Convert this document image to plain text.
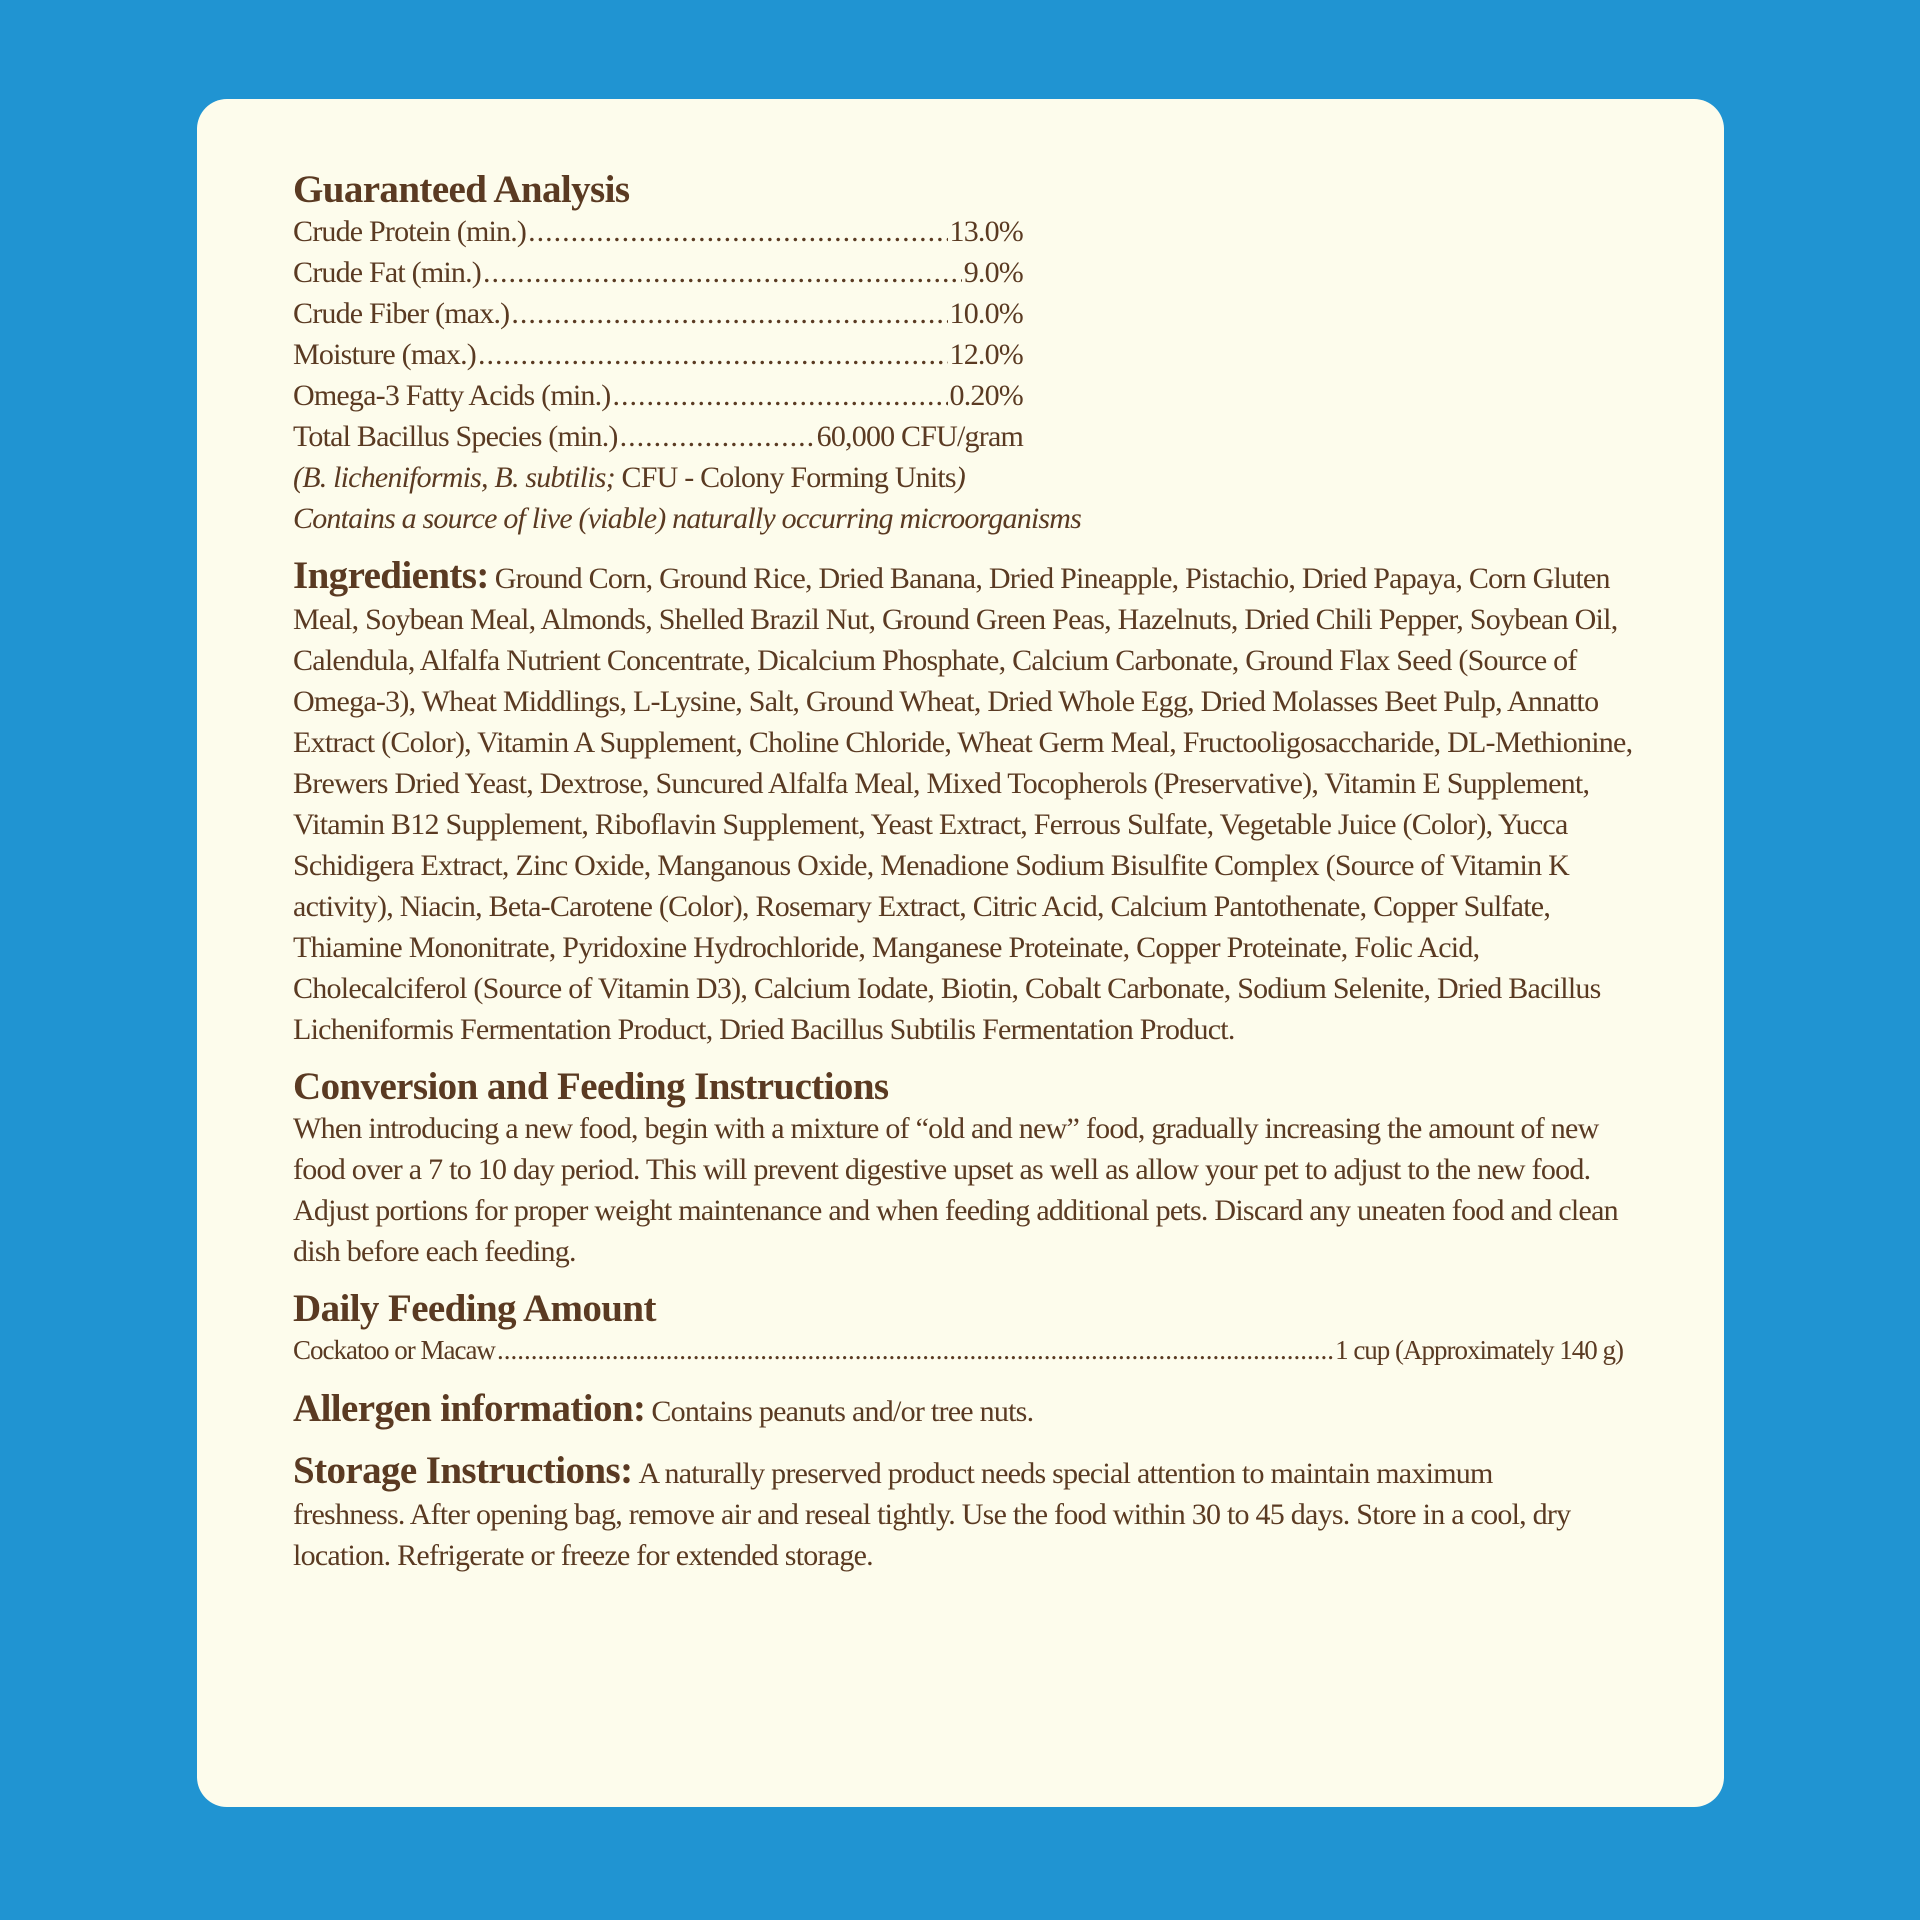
Guaranteed Analysis
Crude Protein (min.) .....	13.0%
Crude Fat (min.) .....	9.0%
Crude Fiber (max.) .....	10.0%
Moisture (max.) .....	12.0%
Omega-3 Fatty Acids (min.) .....	0.20%
Total Bacillus Species (min.) .....	60,000 CFU/gram
(B. licheniformis, B. subtilis; CFU - Colony Forming Units)
Contains a source of live (viable) naturally occurring microorganisms
Ingredients: Ground Corn, Ground Rice, Dried Banana, Dried Pineapple, Pistachio, Dried Papaya, Corn Gluten Meal, Soybean Meal, Almonds, Shelled Brazil Nut, Ground Green Peas, Hazelnuts, Dried Chili Pepper, Soybean Oil, Calendula, Alfalfa Nutrient Concentrate, Dicalcium Phosphate, Calcium Carbonate, Ground Flax Seed (Source of Omega-3), Wheat Middlings, L-Lysine, Salt, Ground Wheat, Dried Whole Egg, Dried Molasses Beet Pulp, Annatto Extract (Color), Vitamin A Supplement, Choline Chloride, Wheat Germ Meal, Fructooligosaccharide, DL-Methionine, Brewers Dried Yeast, Dextrose, Suncured Alfalfa Meal, Mixed Tocopherols (Preservative), Vitamin E Supplement, Vitamin B12 Supplement, Riboflavin Supplement, Yeast Extract, Ferrous Sulfate, Vegetable Juice (Color), Yucca Schidigera Extract, Zinc Oxide, Manganous Oxide, Menadione Sodium Bisulfite Complex (Source of Vitamin K activity), Niacin, Beta-Carotene (Color), Rosemary Extract, Citric Acid, Calcium Pantothenate, Copper Sulfate, Thiamine Mononitrate, Pyridoxine Hydrochloride, Manganese Proteinate, Copper Proteinate, Folic Acid, Cholecalciferol (Source of Vitamin D3), Calcium Iodate, Biotin, Cobalt Carbonate, Sodium Selenite, Dried Bacillus Licheniformis Fermentation Product, Dried Bacillus Subtilis Fermentation Product.
Conversion and Feeding Instructions
When introducing a new food, begin with a mixture of “old and new” food, gradually increasing the amount of new food over a 7 to 10 day period. This will prevent digestive upset as well as allow your pet to adjust to the new food. Adjust portions for proper weight maintenance and when feeding additional pets. Discard any uneaten food and clean dish before each feeding.
Daily Feeding Amount
Cockatoo or Macaw .....	1 cup (Approximately 140 g)
Allergen information: Contains peanuts and/or tree nuts.
Storage Instructions: A naturally preserved product needs special attention to maintain maximum freshness. After opening bag, remove air and reseal tightly. Use the food within 30 to 45 days. Store in a cool, dry location. Refrigerate or freeze for extended storage.
